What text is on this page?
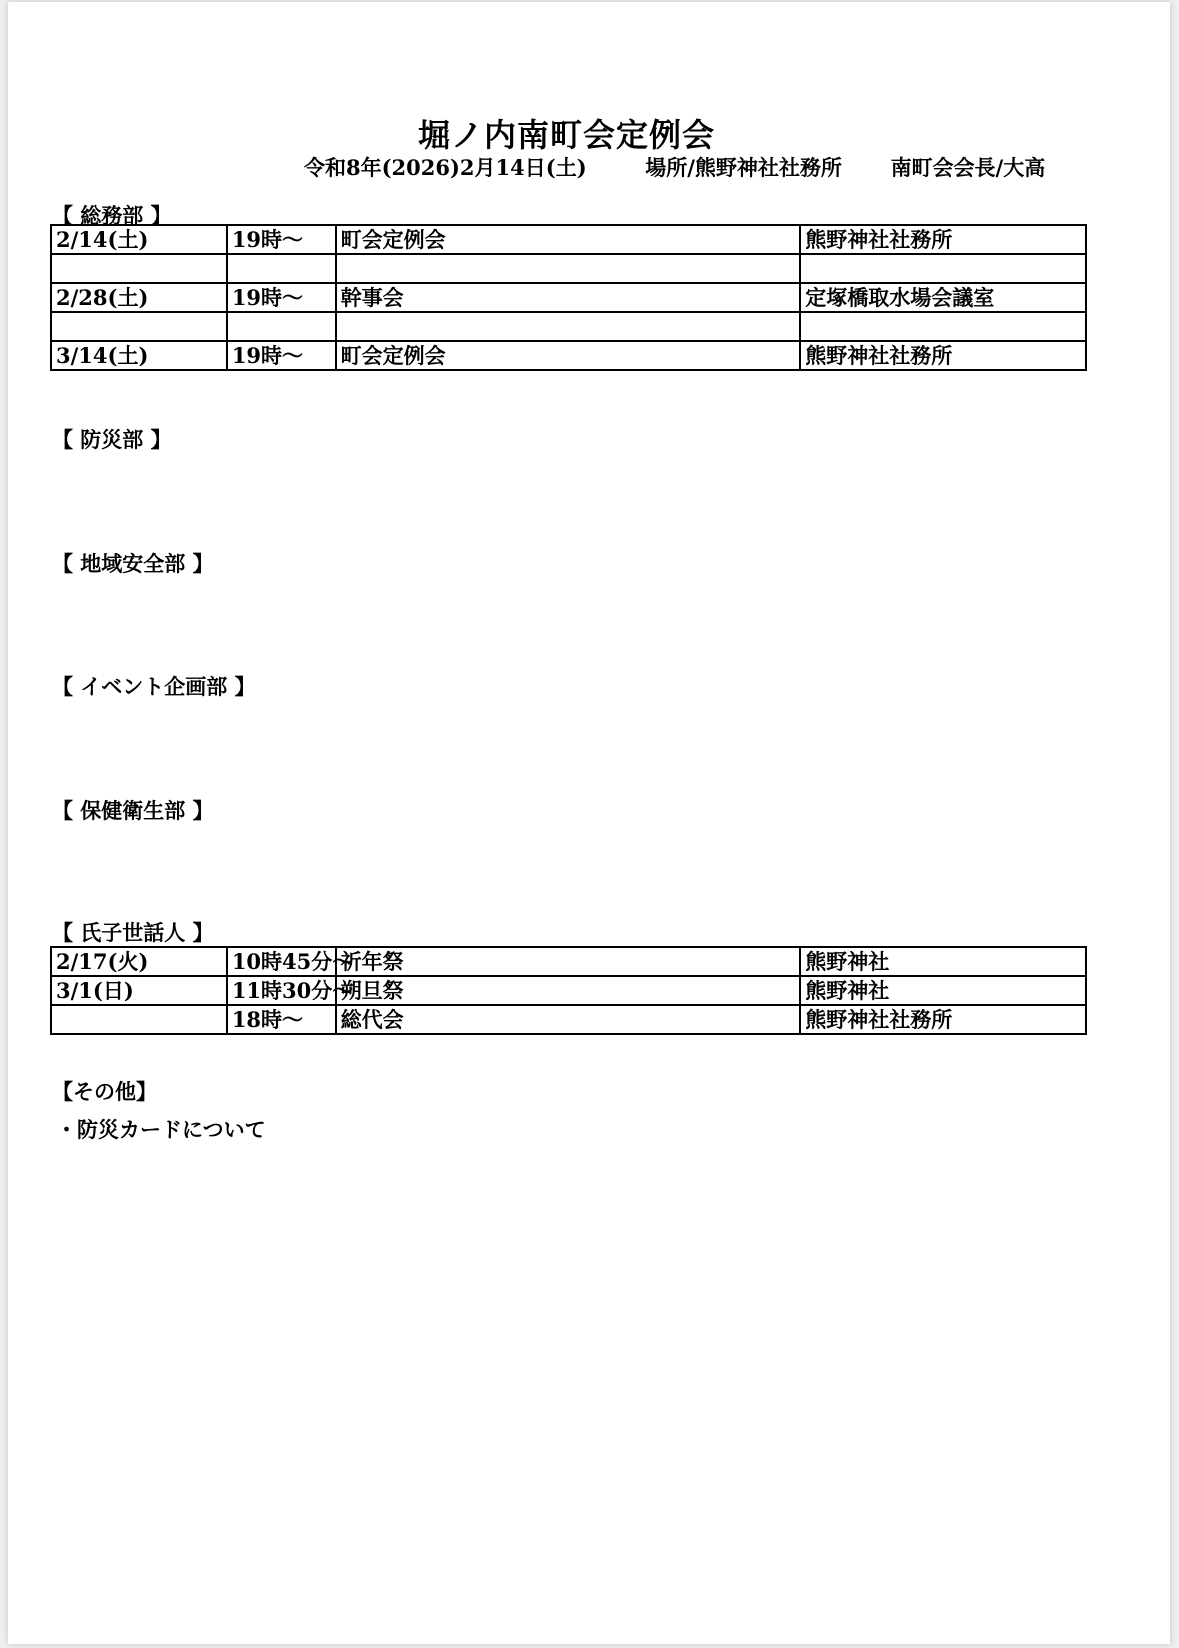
堀ノ内南町会定例会
令和8年(2026)2月14日(土)	場所/熊野神社社務所 南町会会長/大高
【 総務部 】
2/14(土)	19時～	町会定例会	熊野神社社務所

2/28(土)	19時～	幹事会	定塚橋取水場会議室

3/14(土)	19時～	町会定例会	熊野神社社務所
【 防災部 】
【 地域安全部 】
【 イベント企画部 】
【 保健衛生部 】
【 氏子世話人 】
2/17(火)	10時45分～	祈年祭	熊野神社
3/1(日)	11時30分～	朔旦祭	熊野神社
	18時～	総代会	熊野神社社務所
【その他】
・防災カードについて
